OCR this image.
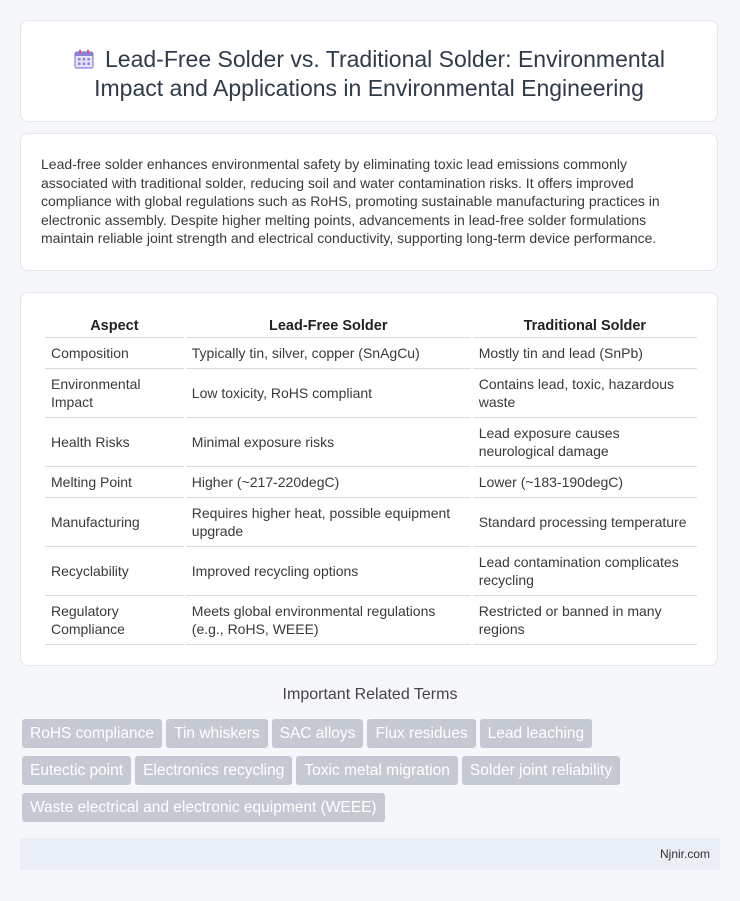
Lead-Free Solder vs. Traditional Solder: Environmental Impact and Applications in Environmental Engineering

Lead-free solder enhances environmental safety by eliminating toxic lead emissions commonly associated with traditional solder, reducing soil and water contamination risks. It offers improved compliance with global regulations such as RoHS, promoting sustainable manufacturing practices in electronic assembly. Despite higher melting points, advancements in lead-free solder formulations maintain reliable joint strength and electrical conductivity, supporting long-term device performance.

Aspect	Lead-Free Solder	Traditional Solder
Composition	Typically tin, silver, copper (SnAgCu)	Mostly tin and lead (SnPb)
Environmental Impact	Low toxicity, RoHS compliant	Contains lead, toxic, hazardous waste
Health Risks	Minimal exposure risks	Lead exposure causes neurological damage
Melting Point	Higher (~217-220degC)	Lower (~183-190degC)
Manufacturing	Requires higher heat, possible equipment upgrade	Standard processing temperature
Recyclability	Improved recycling options	Lead contamination complicates recycling
Regulatory Compliance	Meets global environmental regulations (e.g., RoHS, WEEE)	Restricted or banned in many regions
Important Related Terms
RoHS compliance Tin whiskers SAC alloys Flux residues Lead leaching
Eutectic point Electronics recycling Toxic metal migration Solder joint reliability
Waste electrical and electronic equipment (WEEE)
Njnir.com
